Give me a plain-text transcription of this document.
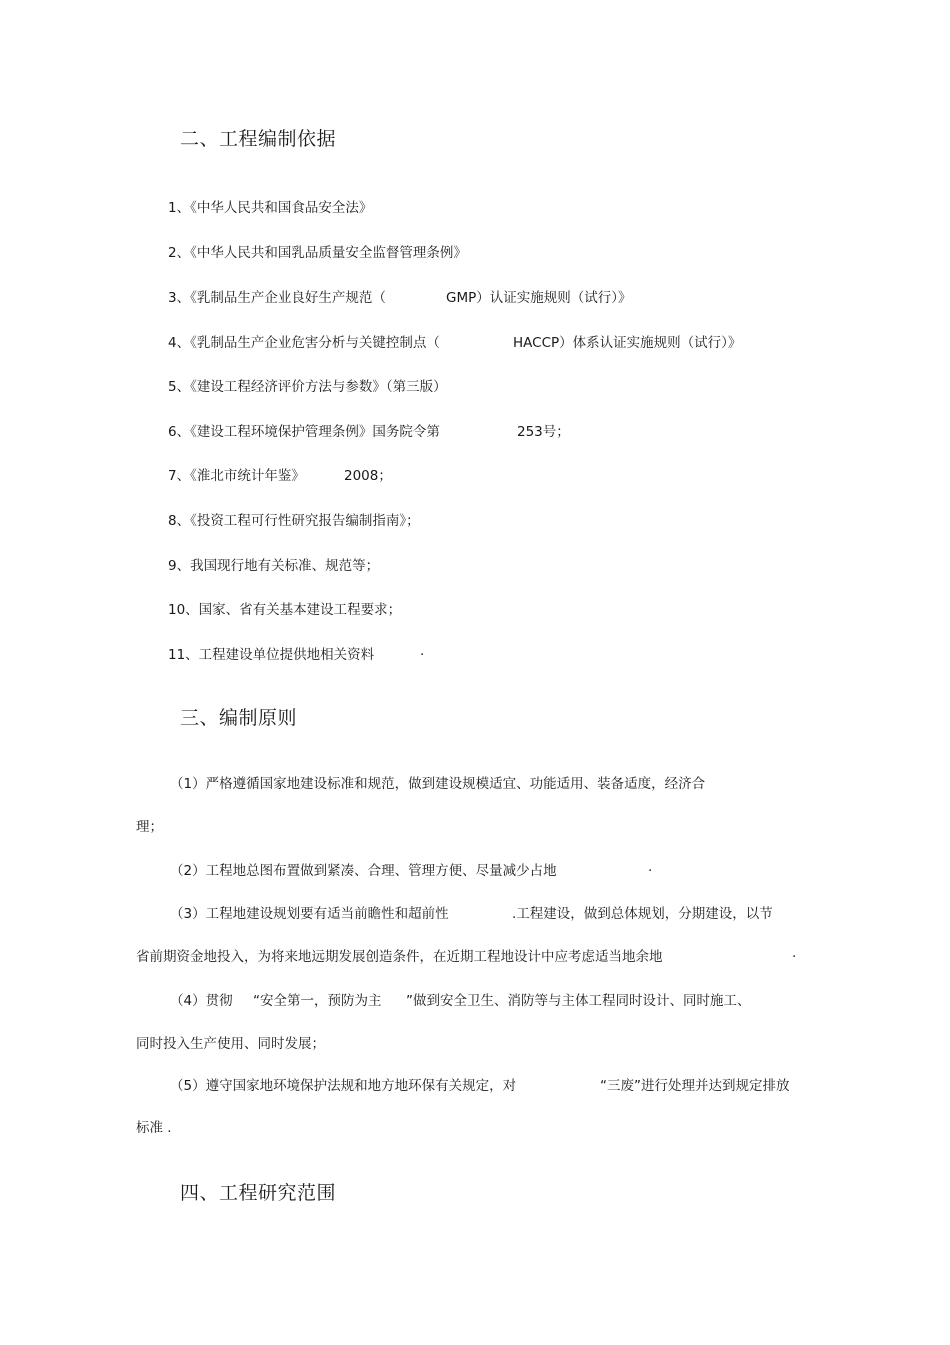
二、工程编制依据
1、《中华人民共和国食品安全法》
2、《中华人民共和国乳品质量安全监督管理条例》
3、《乳制品生产企业良好生产规范（	GMP）认证实施规则（试行）》
4、《乳制品生产企业危害分析与关键控制点（	HACCP）体系认证实施规则（试行）》
5、《建设工程经济评价方法与参数》（第三版）
6、《建设工程环境保护管理条例》国务院令第	253号；
7、《淮北市统计年鉴》	2008；
8、《投资工程可行性研究报告编制指南》；
9、我国现行地有关标准、规范等；
10、国家、省有关基本建设工程要求；
11、工程建设单位提供地相关资料	.
三、编制原则
（1）严格遵循国家地建设标准和规范，做到建设规模适宜、功能适用、装备适度，经济合
理；
（2）工程地总图布置做到紧凑、合理、管理方便、尽量减少占地	.
（3）工程地建设规划要有适当前瞻性和超前性	.工程建设，做到总体规划，分期建设，以节
省前期资金地投入，为将来地远期发展创造条件，在近期工程地设计中应考虑适当地余地	.
（4）贯彻 “安全第一，预防为主 ”做到安全卫生、消防等与主体工程同时设计、同时施工、
同时投入生产使用、同时发展；
（5）遵守国家地环境保护法规和地方地环保有关规定，对	“三废”进行处理并达到规定排放
标准 .
四、工程研究范围
